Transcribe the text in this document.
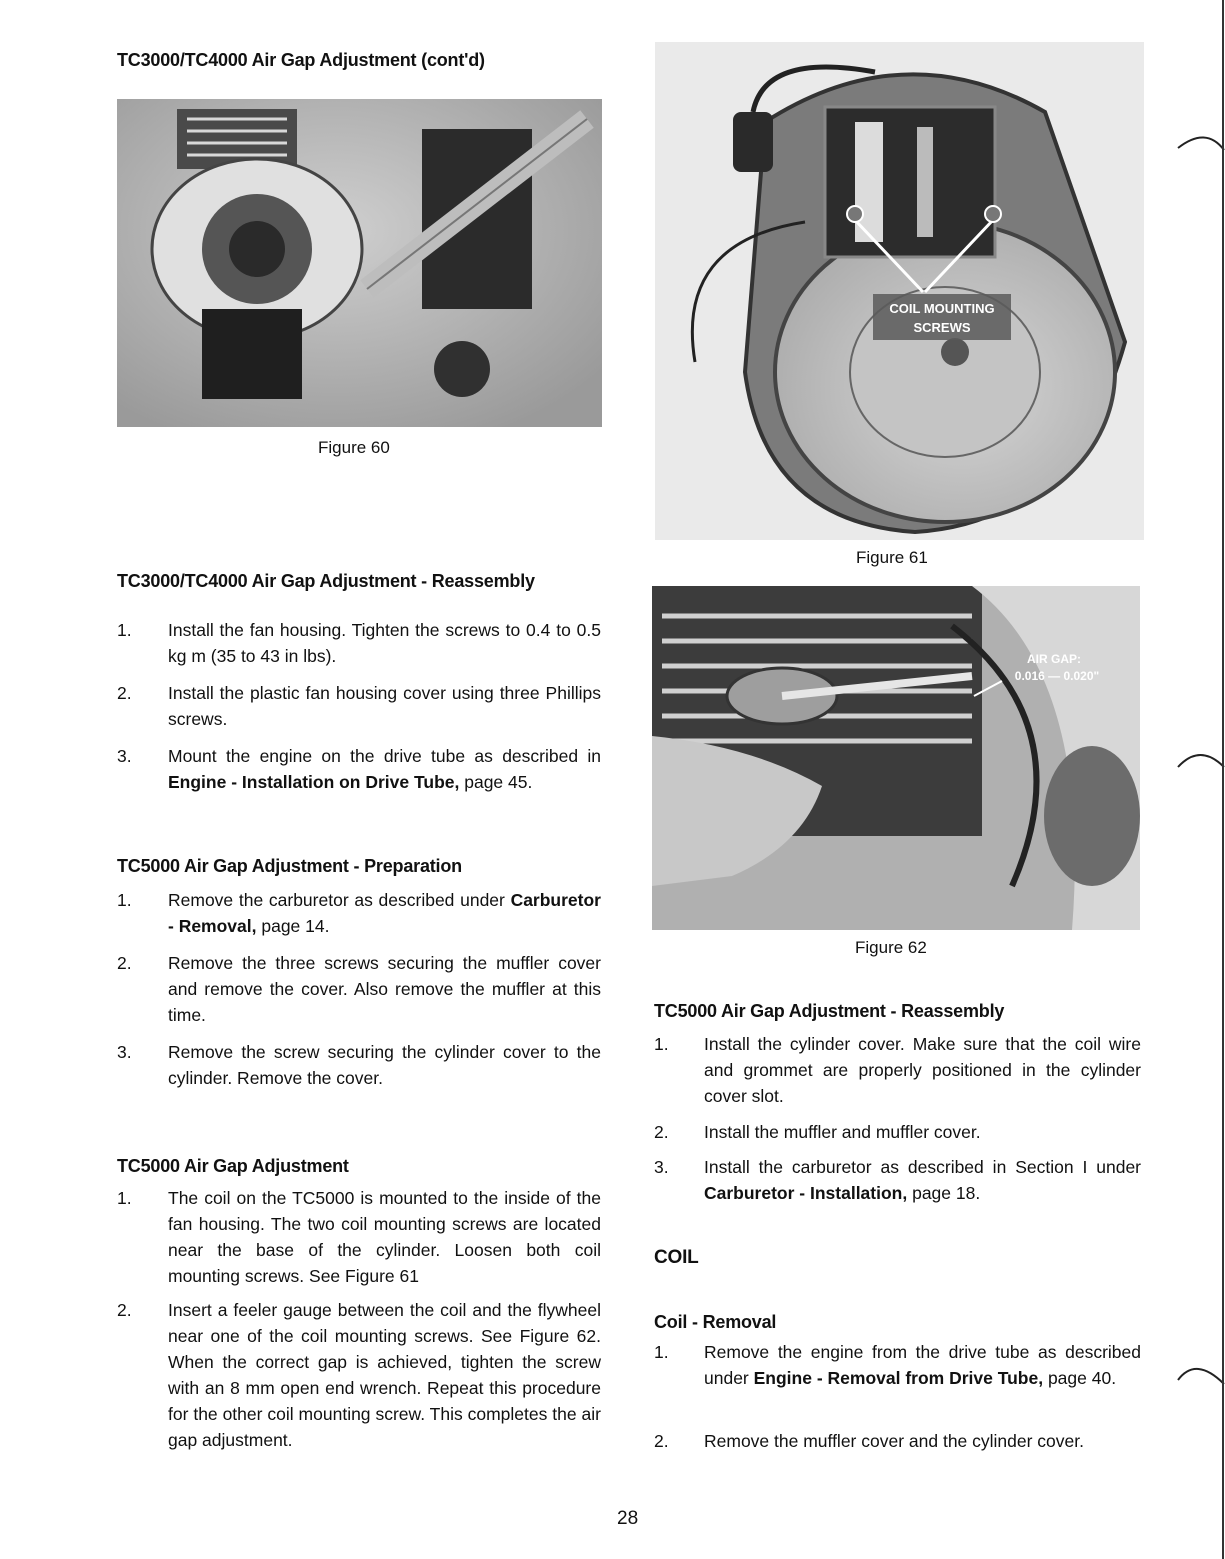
TC3000/TC4000 Air Gap Adjustment (cont'd)
Figure 60
TC3000/TC4000 Air Gap Adjustment - Reassembly
1.	Install the fan housing. Tighten the screws to 0.4 to 0.5 kg m (35 to 43 in lbs).
2.	Install the plastic fan housing cover using three Phillips screws.
3.	Mount the engine on the drive tube as described in Engine - Installation on Drive Tube, page 45.
TC5000 Air Gap Adjustment - Preparation
1.	Remove the carburetor as described under Carburetor - Removal, page 14.
2.	Remove the three screws securing the muffler cover and remove the cover. Also remove the muffler at this time.
3.	Remove the screw securing the cylinder cover to the cylinder. Remove the cover.
TC5000 Air Gap Adjustment
1.	The coil on the TC5000 is mounted to the inside of the fan housing. The two coil mounting screws are located near the base of the cylinder. Loosen both coil mounting screws. See Figure 61
2.	Insert a feeler gauge between the coil and the flywheel near one of the coil mounting screws. See Figure 62. When the correct gap is achieved, tighten the screw with an 8 mm open end wrench. Repeat this procedure for the other coil mounting screw. This completes the air gap adjustment.
COIL MOUNTING
SCREWS
Figure 61
AIR GAP:
0.016 — 0.020"
Figure 62
TC5000 Air Gap Adjustment - Reassembly
1.	Install the cylinder cover. Make sure that the coil wire and grommet are properly positioned in the cylinder cover slot.
2.	Install the muffler and muffler cover.
3.	Install the carburetor as described in Section I under Carburetor - Installation, page 18.
COIL
Coil - Removal
1.	Remove the engine from the drive tube as described under Engine - Removal from Drive Tube, page 40.
2.	Remove the muffler cover and the cylinder cover.
28
